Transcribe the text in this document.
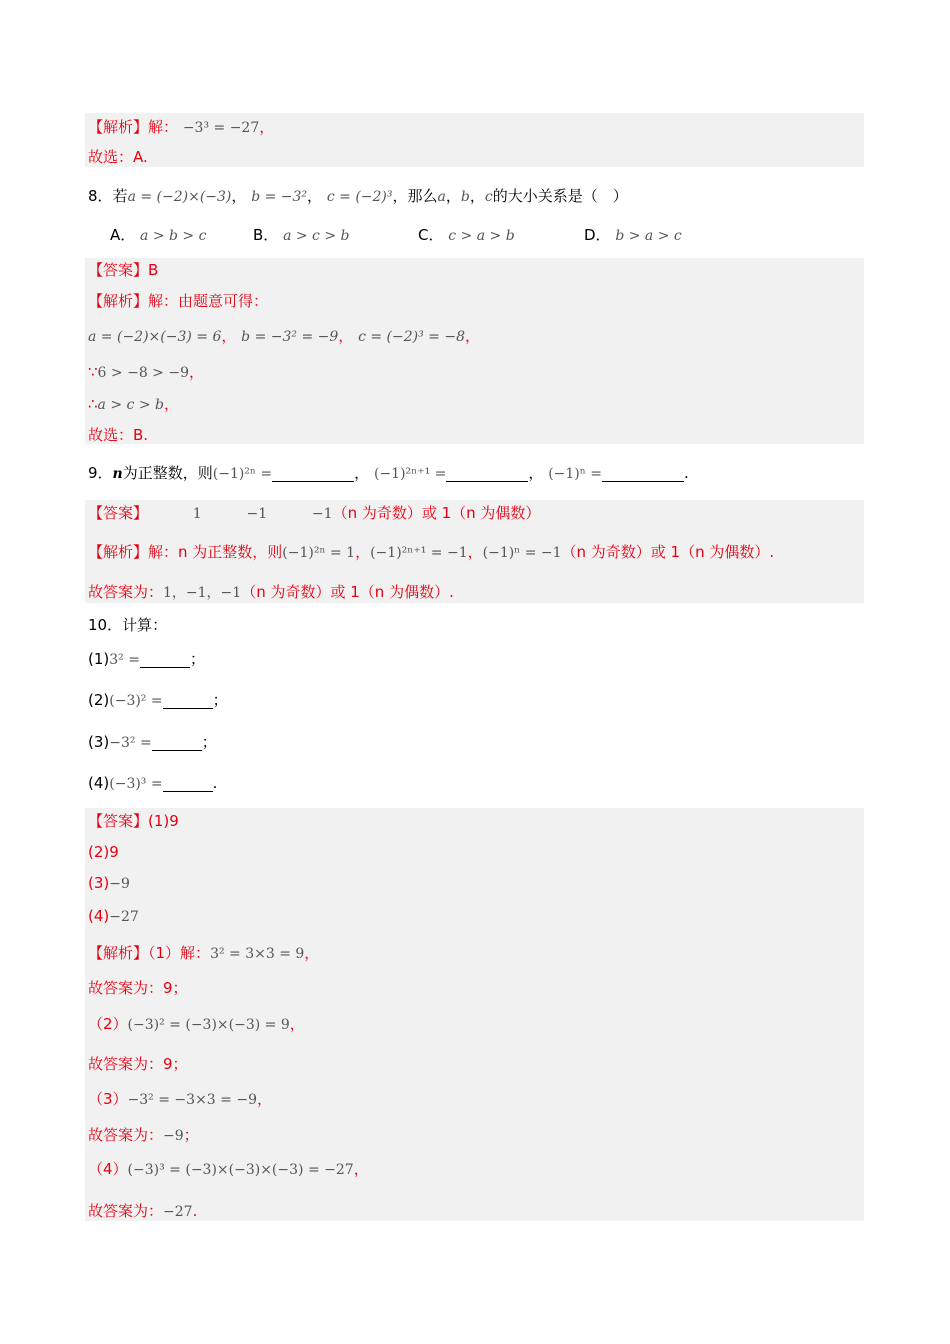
【解析】解： −3³ = −27，
故选：A.
8．若a = (−2)×(−3)， b = −3²， c = (−2)³，那么a，b，c的大小关系是（　）
A． a > b > c	B． a > c > b	C． c > a > b	D． b > a > c
【答案】B
【解析】解：由题意可得：
a = (−2)×(−3) = 6， b = −3² = −9， c = (−2)³ = −8，
∵6 > −8 > −9，
∴a > c > b，
故选：B.
9．n为正整数，则(−1)²ⁿ =	， (−1)²ⁿ⁺¹ =	， (−1)ⁿ =	.
【答案】	1	−1	−1（n 为奇数）或 1（n 为偶数）
【解析】解：n 为正整数，则(−1)²ⁿ = 1，(−1)²ⁿ⁺¹ = −1，(−1)ⁿ = −1（n 为奇数）或 1（n 为偶数）.
故答案为：1，−1，−1（n 为奇数）或 1（n 为偶数）.
10．计算：
(1)3² =	；
(2)(−3)² =	；
(3)−3² =	；
(4)(−3)³ =	.
【答案】(1)9
(2)9
(3)−9
(4)−27
【解析】（1）解：3² = 3×3 = 9，
故答案为：9；
（2）(−3)² = (−3)×(−3) = 9，
故答案为：9；
（3）−3² = −3×3 = −9，
故答案为：−9；
（4）(−3)³ = (−3)×(−3)×(−3) = −27，
故答案为：−27.
